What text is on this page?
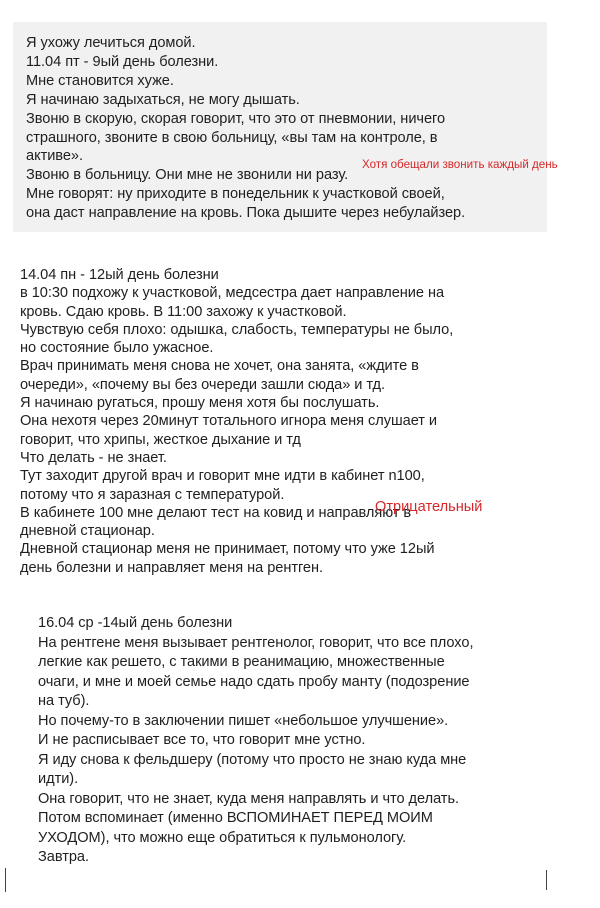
Я ухожу лечиться домой.
11.04 пт - 9ый день болезни.
Мне становится хуже.
Я начинаю задыхаться, не могу дышать.
Звоню в скорую, скорая говорит, что это от пневмонии, ничего
страшного, звоните в свою больницу, «вы там на контроле, в
активе».
Звоню в больницу. Они мне не звонили ни разу.
Мне говорят: ну приходите в понедельник к участковой своей,
она даст направление на кровь. Пока дышите через небулайзер.
Хотя обещали звонить каждый день
14.04 пн - 12ый день болезни
в 10:30 подхожу к участковой, медсестра дает направление на
кровь. Сдаю кровь. В 11:00 захожу к участковой.
Чувствую себя плохо: одышка, слабость, температуры не было,
но состояние было ужасное.
Врач принимать меня снова не хочет, она занята, «ждите в
очереди», «почему вы без очереди зашли сюда» и тд.
Я начинаю ругаться, прошу меня хотя бы послушать.
Она нехотя через 20минут тотального игнора меня слушает и
говорит, что хрипы, жесткое дыхание и тд
Что делать - не знает.
Тут заходит другой врач и говорит мне идти в кабинет n100,
потому что я заразная с температурой.
В кабинете 100 мне делают тест на ковид и направляют в
дневной стационар.
Дневной стационар меня не принимает, потому что уже 12ый
день болезни и направляет меня на рентген.
Отрицательный
16.04 ср -14ый день болезни
На рентгене меня вызывает рентгенолог, говорит, что все плохо,
легкие как решето, с такими в реанимацию, множественные
очаги, и мне и моей семье надо сдать пробу манту (подозрение
на туб).
Но почему-то в заключении пишет «небольшое улучшение».
И не расписывает все то, что говорит мне устно.
Я иду снова к фельдшеру (потому что просто не знаю куда мне
идти).
Она говорит, что не знает, куда меня направлять и что делать.
Потом вспоминает (именно ВСПОМИНАЕТ ПЕРЕД МОИМ
УХОДОМ), что можно еще обратиться к пульмонологу.
Завтра.
